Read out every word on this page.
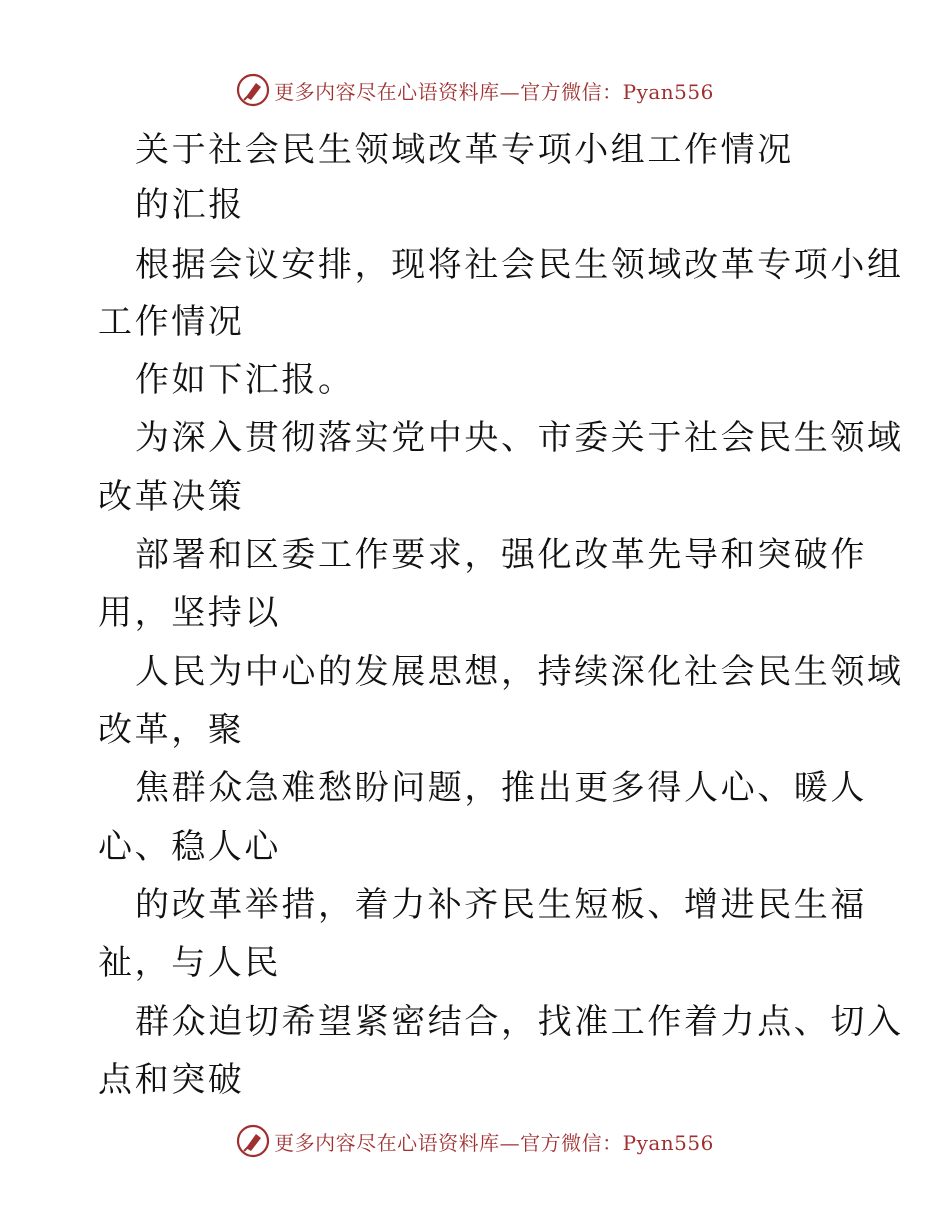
更多内容尽在心语资料库—官方微信：Pyan556
关于社会民生领域改革专项小组工作情况
的汇报
根据会议安排，现将社会民生领域改革专项小组
工作情况
作如下汇报。
为深入贯彻落实党中央、市委关于社会民生领域
改革决策
部署和区委工作要求，强化改革先导和突破作
用，坚持以
人民为中心的发展思想，持续深化社会民生领域
改革，聚
焦群众急难愁盼问题，推出更多得人心、暖人
心、稳人心
的改革举措，着力补齐民生短板、增进民生福
祉，与人民
群众迫切希望紧密结合，找准工作着力点、切入
点和突破
更多内容尽在心语资料库—官方微信：Pyan556
